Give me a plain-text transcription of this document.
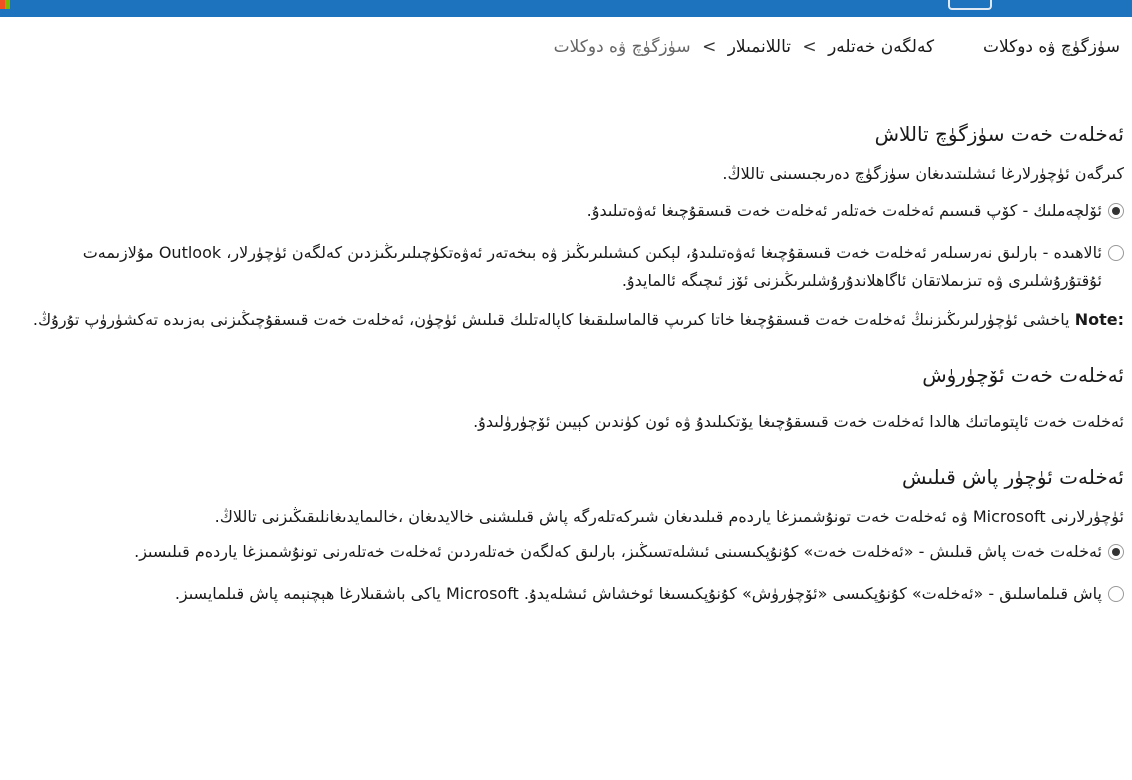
سۈزگۈچ ۋە دوكلات  كەلگەن خەتلەر > تاللانمىلار > سۈزگۈچ ۋە دوكلات
ئەخلەت خەت سۈزگۈچ تاللاش

كىرگەن ئۈچۈرلارغا ئىشلىتىدىغان سۈزگۈچ دەرىجىسىنى تاللاڭ.

ئۆلچەملىك - كۆپ قىسىم ئەخلەت خەتلەر ئەخلەت خەت قىسقۇچىغا ئەۋەتىلىدۇ.
ئالاھىدە - بارلىق نەرسىلەر ئەخلەت خەت قىسقۇچىغا ئەۋەتىلىدۇ، لېكىن كىشىلىرىڭىز ۋە بىخەتەر ئەۋەتكۈچىلىرىڭىزدىن كەلگەن ئۈچۈرلار، Outlook مۇلازىمەت ئۇقتۇرۇشلىرى ۋە تىزىملاتقان ئاگاھلاندۇرۇشلىرىڭىزنى ئۆز ئىچىگە ئالمايدۇ.
Note: ياخشى ئۈچۈرلىرىڭىزنىڭ ئەخلەت خەت قىسقۇچىغا خاتا كىرىپ قالماسلىقىغا كاپالەتلىك قىلىش ئۈچۈن، ئەخلەت خەت قىسقۇچىڭىزنى بەزىدە تەكشۈرۈپ تۇرۇڭ.
ئەخلەت خەت ئۆچۈرۈش

ئەخلەت خەت ئاپتوماتىك ھالدا ئەخلەت خەت قىسقۇچىغا يۆتكىلىدۇ ۋە ئون كۈندىن كېيىن ئۆچۈرۈلىدۇ.

ئەخلەت ئۈچۈر پاش قىلىش

ئۈچۈرلارنى Microsoft ۋە ئەخلەت خەت تونۇشمىزغا ياردەم قىلىدىغان شىركەتلەرگە پاش قىلىشنى خالايدىغان ،خالىمايدىغانلىقىڭىزنى تاللاڭ.

ئەخلەت خەت پاش قىلىش - «ئەخلەت خەت» كۇنۇپكىسىنى ئىشلەتسىڭىز، بارلىق كەلگەن خەتلەردىن ئەخلەت خەتلەرنى تونۇشمىزغا ياردەم قىلىسىز.
پاش قىلماسلىق - «ئەخلەت» كۇنۇپكىسى «ئۆچۈرۈش» كۇنۇپكىسىغا ئوخشاش ئىشلەيدۇ. Microsoft ياكى باشقىلارغا ھېچنېمە پاش قىلمايسىز.
